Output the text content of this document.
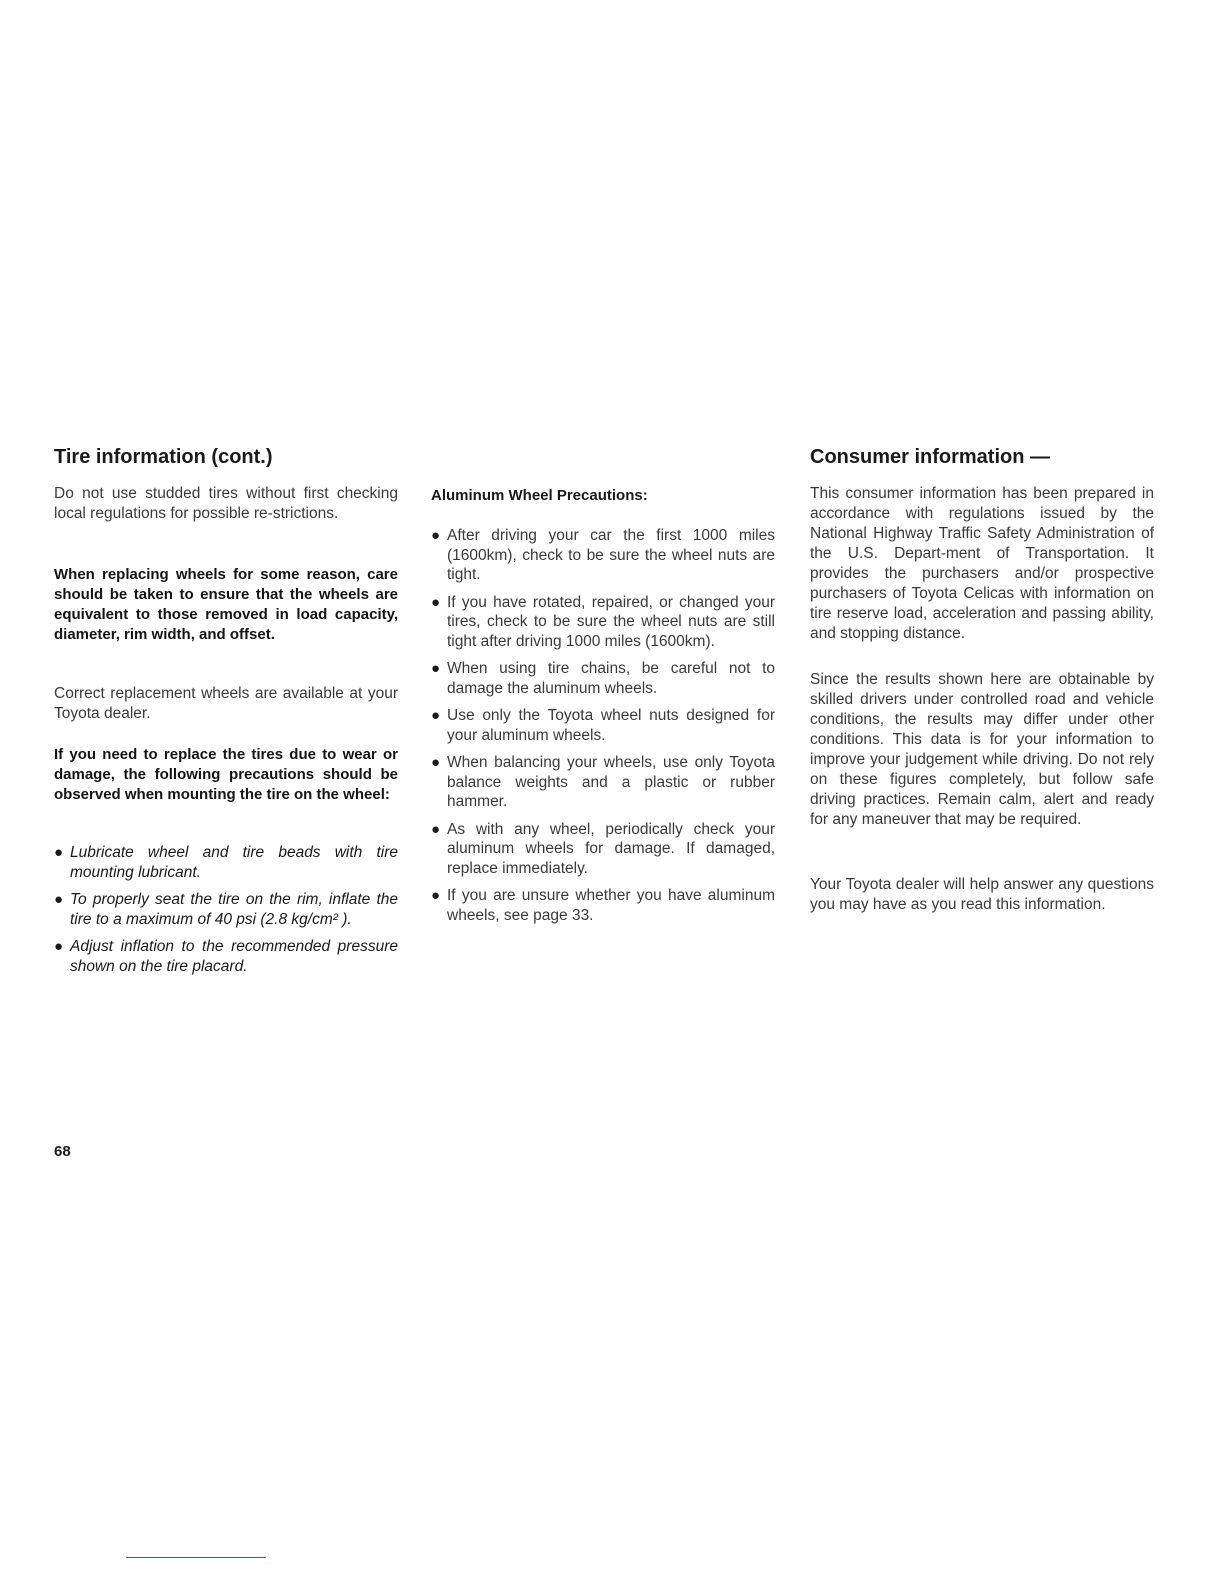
Tire information (cont.)

Do not use studded tires without first checking local regulations for possible re-strictions.

When replacing wheels for some reason, care should be taken to ensure that the wheels are equivalent to those removed in load capacity, diameter, rim width, and offset.

Correct replacement wheels are available at your Toyota dealer.

If you need to replace the tires due to wear or damage, the following precautions should be observed when mounting the tire on the wheel:

● Lubricate wheel and tire beads with tire mounting lubricant.
● To properly seat the tire on the rim, inflate the tire to a maximum of 40 psi (2.8 kg/cm² ).
● Adjust inflation to the recommended pressure shown on the tire placard.
Aluminum Wheel Precautions:
● After driving your car the first 1000 miles (1600km), check to be sure the wheel nuts are tight.
● If you have rotated, repaired, or changed your tires, check to be sure the wheel nuts are still tight after driving 1000 miles (1600km).
● When using tire chains, be careful not to damage the aluminum wheels.
● Use only the Toyota wheel nuts designed for your aluminum wheels.
● When balancing your wheels, use only Toyota balance weights and a plastic or rubber hammer.
● As with any wheel, periodically check your aluminum wheels for damage. If damaged, replace immediately.
● If you are unsure whether you have aluminum wheels, see page 33.
Consumer information —

This consumer information has been prepared in accordance with regulations issued by the National Highway Traffic Safety Administration of the U.S. Depart-ment of Transportation. It provides the purchasers and/or prospective purchasers of Toyota Celicas with information on tire reserve load, acceleration and passing ability, and stopping distance.

Since the results shown here are obtainable by skilled drivers under controlled road and vehicle conditions, the results may differ under other conditions. This data is for your information to improve your judgement while driving. Do not rely on these figures completely, but follow safe driving practices. Remain calm, alert and ready for any maneuver that may be required.

Your Toyota dealer will help answer any questions you may have as you read this information.

68
